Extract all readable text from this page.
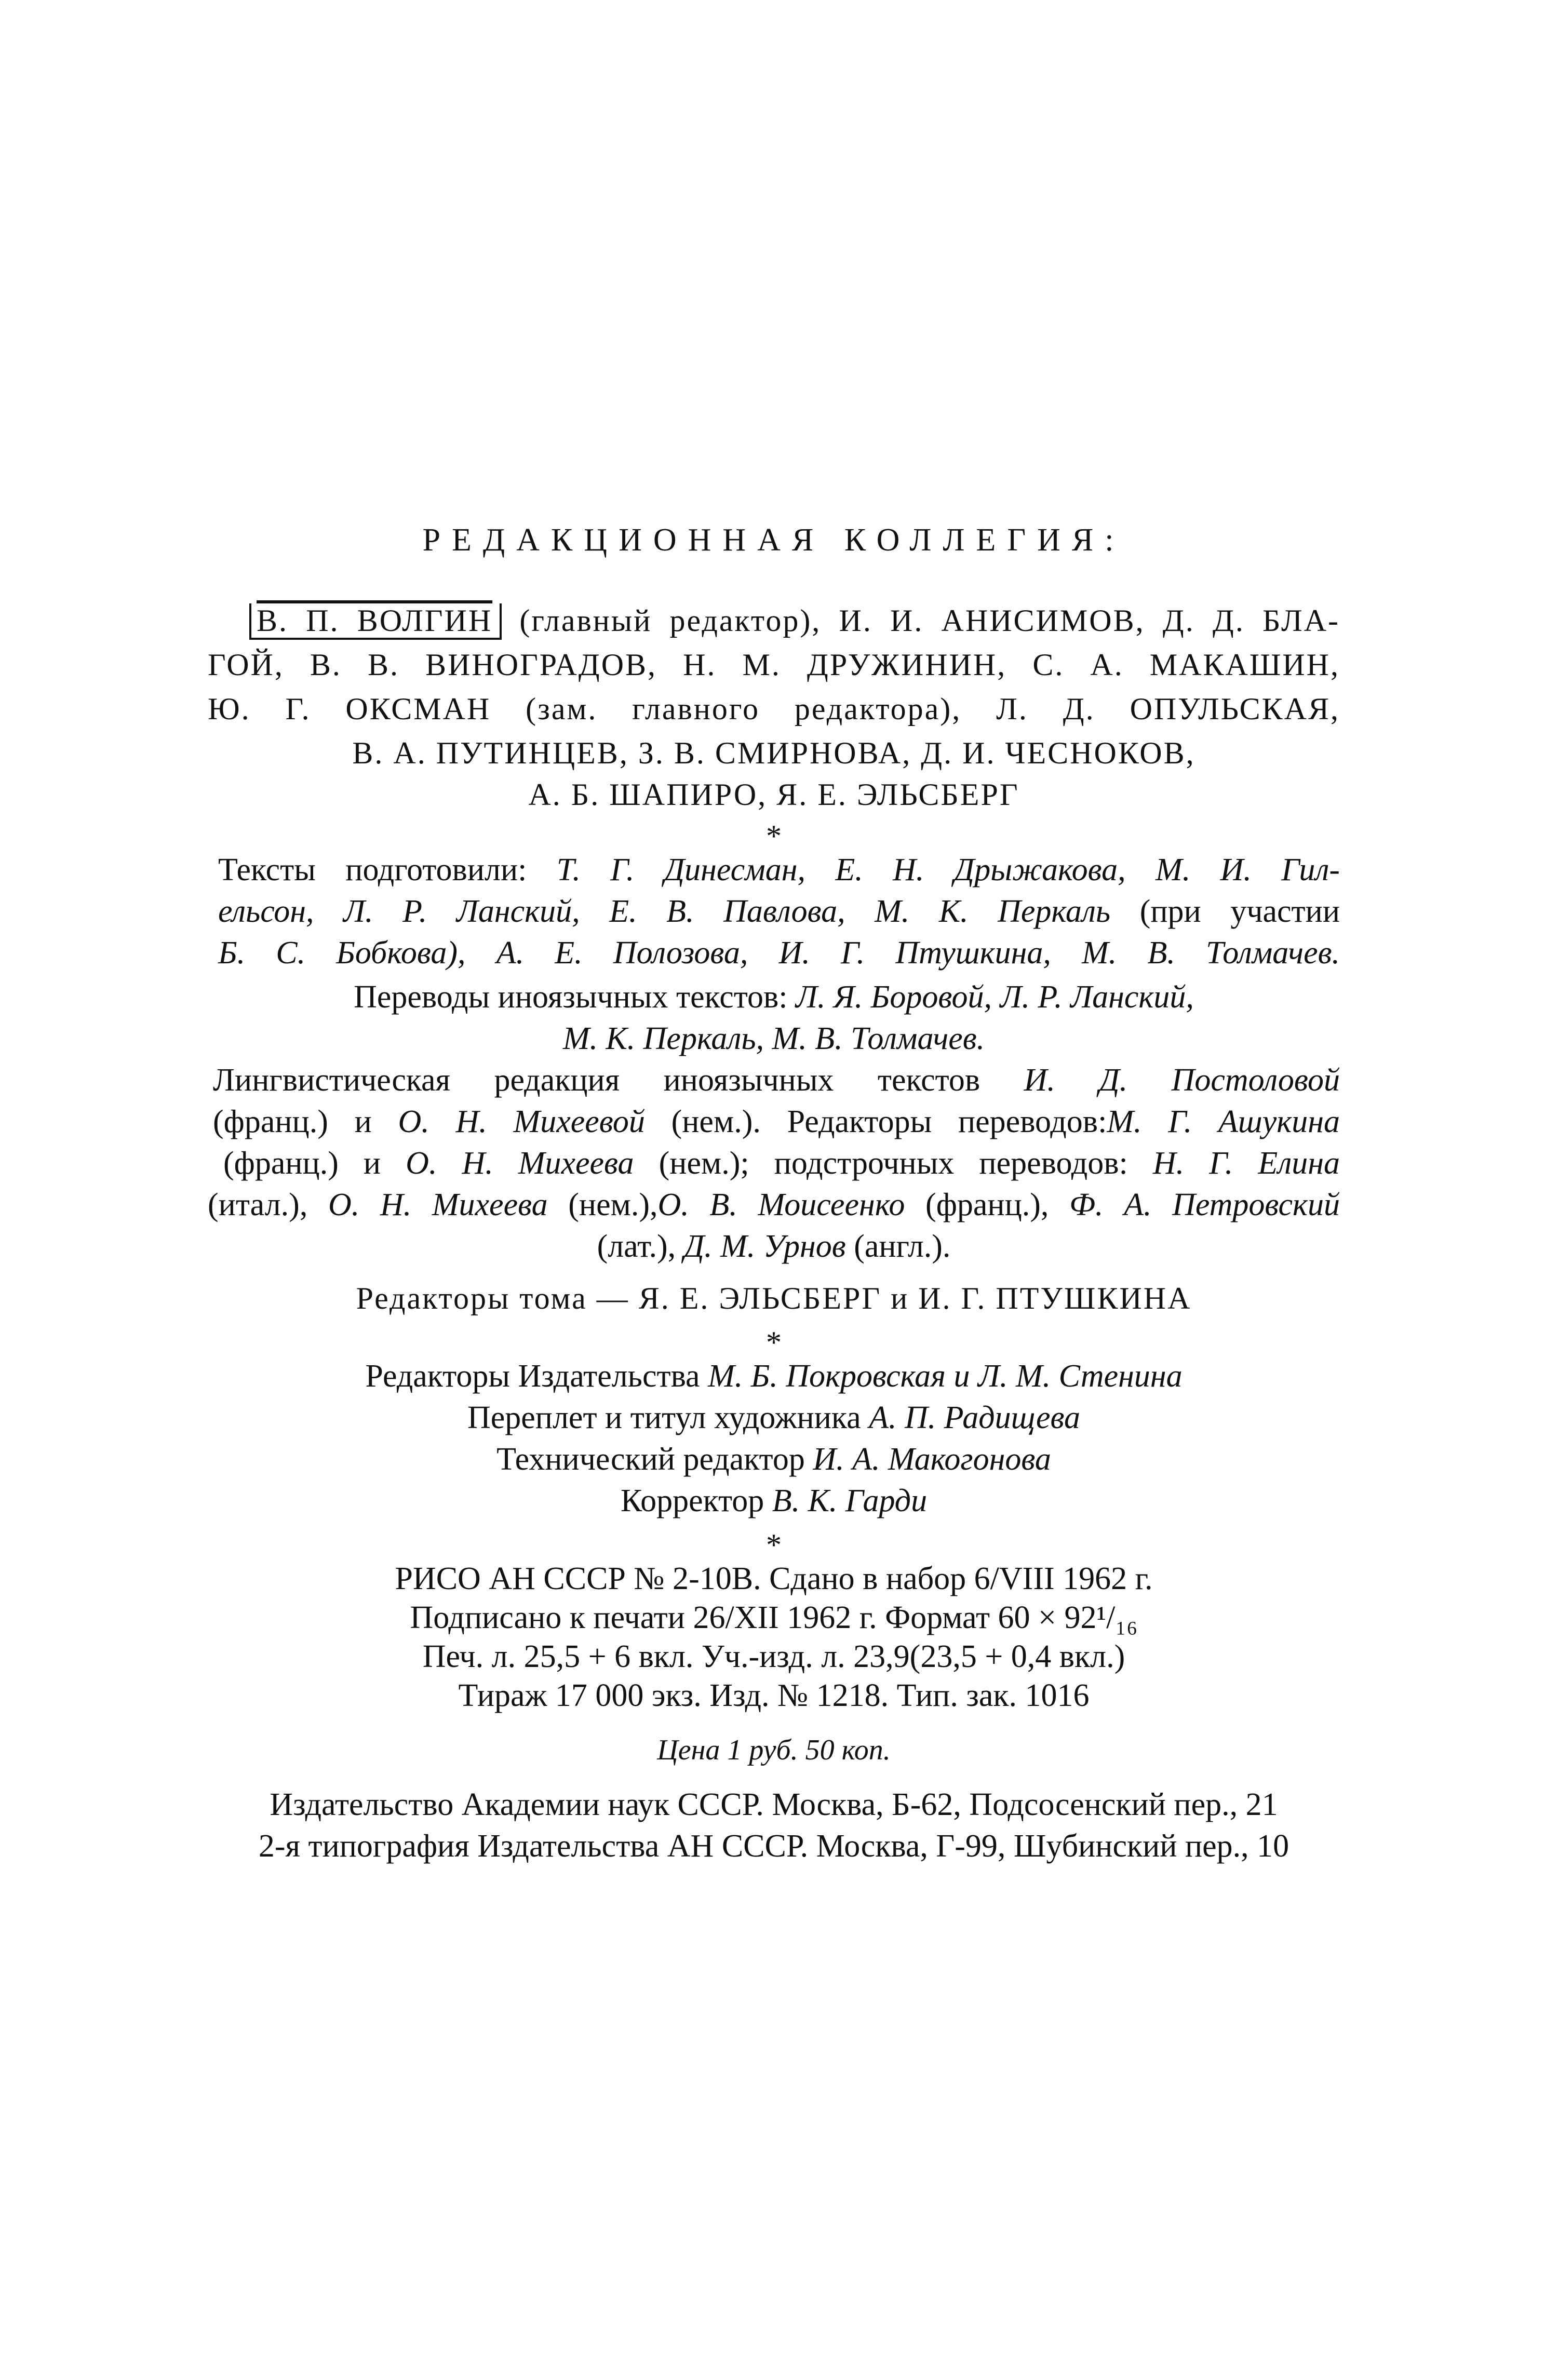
РЕДАКЦИОННАЯ КОЛЛЕГИЯ:
В. П. ВОЛГИН (главный редактор), И. И. АНИСИМОВ, Д. Д. БЛА-
ГОЙ, В. В. ВИНОГРАДОВ, Н. М. ДРУЖИНИН, С. А. МАКАШИН,
Ю. Г. ОКСМАН (зам. главного редактора), Л. Д. ОПУЛЬСКАЯ,
В. А. ПУТИНЦЕВ, З. В. СМИРНОВА, Д. И. ЧЕСНОКОВ,
А. Б. ШАПИРО, Я. Е. ЭЛЬСБЕРГ
*
Тексты подготовили: Т. Г. Динесман, Е. Н. Дрыжакова, М. И. Гил-
ельсон, Л. Р. Ланский, Е. В. Павлова, М. К. Перкаль (при участии
Б. С. Бобкова), А. Е. Полозова, И. Г. Птушкина, М. В. Толмачев.
Переводы иноязычных текстов: Л. Я. Боровой, Л. Р. Ланский,
М. К. Перкаль, М. В. Толмачев.
Лингвистическая редакция иноязычных текстов И. Д. Постоловой
(франц.) и О. Н. Михеевой (нем.). Редакторы переводов:М. Г. Ашукина
(франц.) и О. Н. Михеева (нем.); подстрочных переводов: Н. Г. Елина
(итал.), О. Н. Михеева (нем.),О. В. Моисеенко (франц.), Ф. А. Петровский
(лат.), Д. М. Урнов (англ.).
Редакторы тома — Я. Е. ЭЛЬСБЕРГ и И. Г. ПТУШКИНА
*
Редакторы Издательства М. Б. Покровская и Л. М. Стенина
Переплет и титул художника А. П. Радищева
Технический редактор И. А. Макогонова
Корректор В. К. Гарди
*
РИСО АН СССР № 2-10В. Сдано в набор 6/VIII 1962 г.
Подписано к печати 26/XII 1962 г. Формат 60 × 92¹/₁₆
Печ. л. 25,5 + 6 вкл. Уч.-изд. л. 23,9(23,5 + 0,4 вкл.)
Тираж 17 000 экз. Изд. № 1218. Тип. зак. 1016
Цена 1 руб. 50 коп.
Издательство Академии наук СССР. Москва, Б-62, Подсосенский пер., 21
2-я типография Издательства АН СССР. Москва, Г-99, Шубинский пер., 10
